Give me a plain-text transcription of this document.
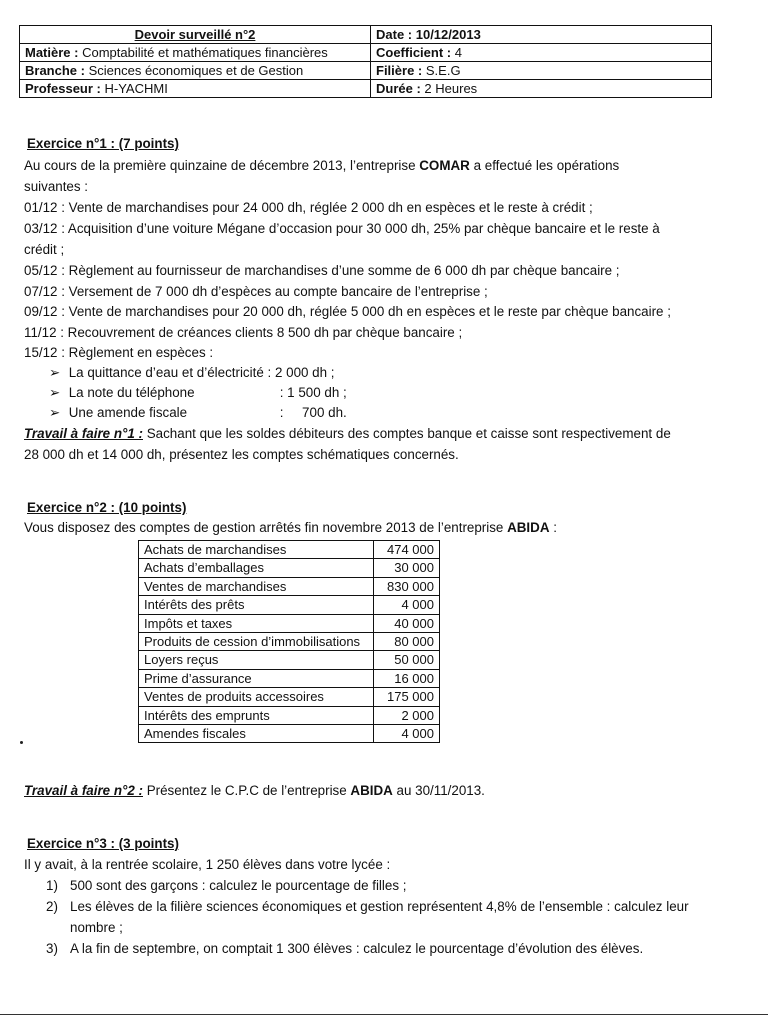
Devoir surveillé n°2	Date : 10/12/2013
Matière : Comptabilité et mathématiques financières	Coefficient : 4
Branche : Sciences économiques et de Gestion	Filière : S.E.G
Professeur : H-YACHMI	Durée : 2 Heures
Exercice n°1 : (7 points)
Au cours de la première quinzaine de décembre 2013, l’entreprise COMAR a effectué les opérations
suivantes :
01/12 : Vente de marchandises pour 24 000 dh, réglée 2 000 dh en espèces et le reste à crédit ;
03/12 : Acquisition d’une voiture Mégane d’occasion pour 30 000 dh, 25% par chèque bancaire et le reste à
crédit ;
05/12 : Règlement au fournisseur de marchandises d’une somme de 6 000 dh par chèque bancaire ;
07/12 : Versement de 7 000 dh d’espèces au compte bancaire de l’entreprise ;
09/12 : Vente de marchandises pour 20 000 dh, réglée 5 000 dh en espèces et le reste par chèque bancaire ;
11/12 : Recouvrement de créances clients 8 500 dh par chèque bancaire ;
15/12 : Règlement en espèces :
➢ La quittance d’eau et d’électricité : 2 000 dh ;
➢ La note du téléphone	: 1 500 dh ;
➢ Une amende fiscale	:     700 dh.
Travail à faire n°1 : Sachant que les soldes débiteurs des comptes banque et caisse sont respectivement de
28 000 dh et 14 000 dh, présentez les comptes schématiques concernés.
Exercice n°2 : (10 points)
Vous disposez des comptes de gestion arrêtés fin novembre 2013 de l’entreprise ABIDA :
Achats de marchandises	474 000
Achats d’emballages	30 000
Ventes de marchandises	830 000
Intérêts des prêts	4 000
Impôts et taxes	40 000
Produits de cession d’immobilisations	80 000
Loyers reçus	50 000
Prime d’assurance	16 000
Ventes de produits accessoires	175 000
Intérêts des emprunts	2 000
Amendes fiscales	4 000
Travail à faire n°2 : Présentez le C.P.C de l’entreprise ABIDA au 30/11/2013.
Exercice n°3 : (3 points)
Il y avait, à la rentrée scolaire, 1 250 élèves dans votre lycée :
1) 500 sont des garçons : calculez le pourcentage de filles ;
2) Les élèves de la filière sciences économiques et gestion représentent 4,8% de l’ensemble : calculez leur
nombre ;
3) A la fin de septembre, on comptait 1 300 élèves : calculez le pourcentage d’évolution des élèves.
